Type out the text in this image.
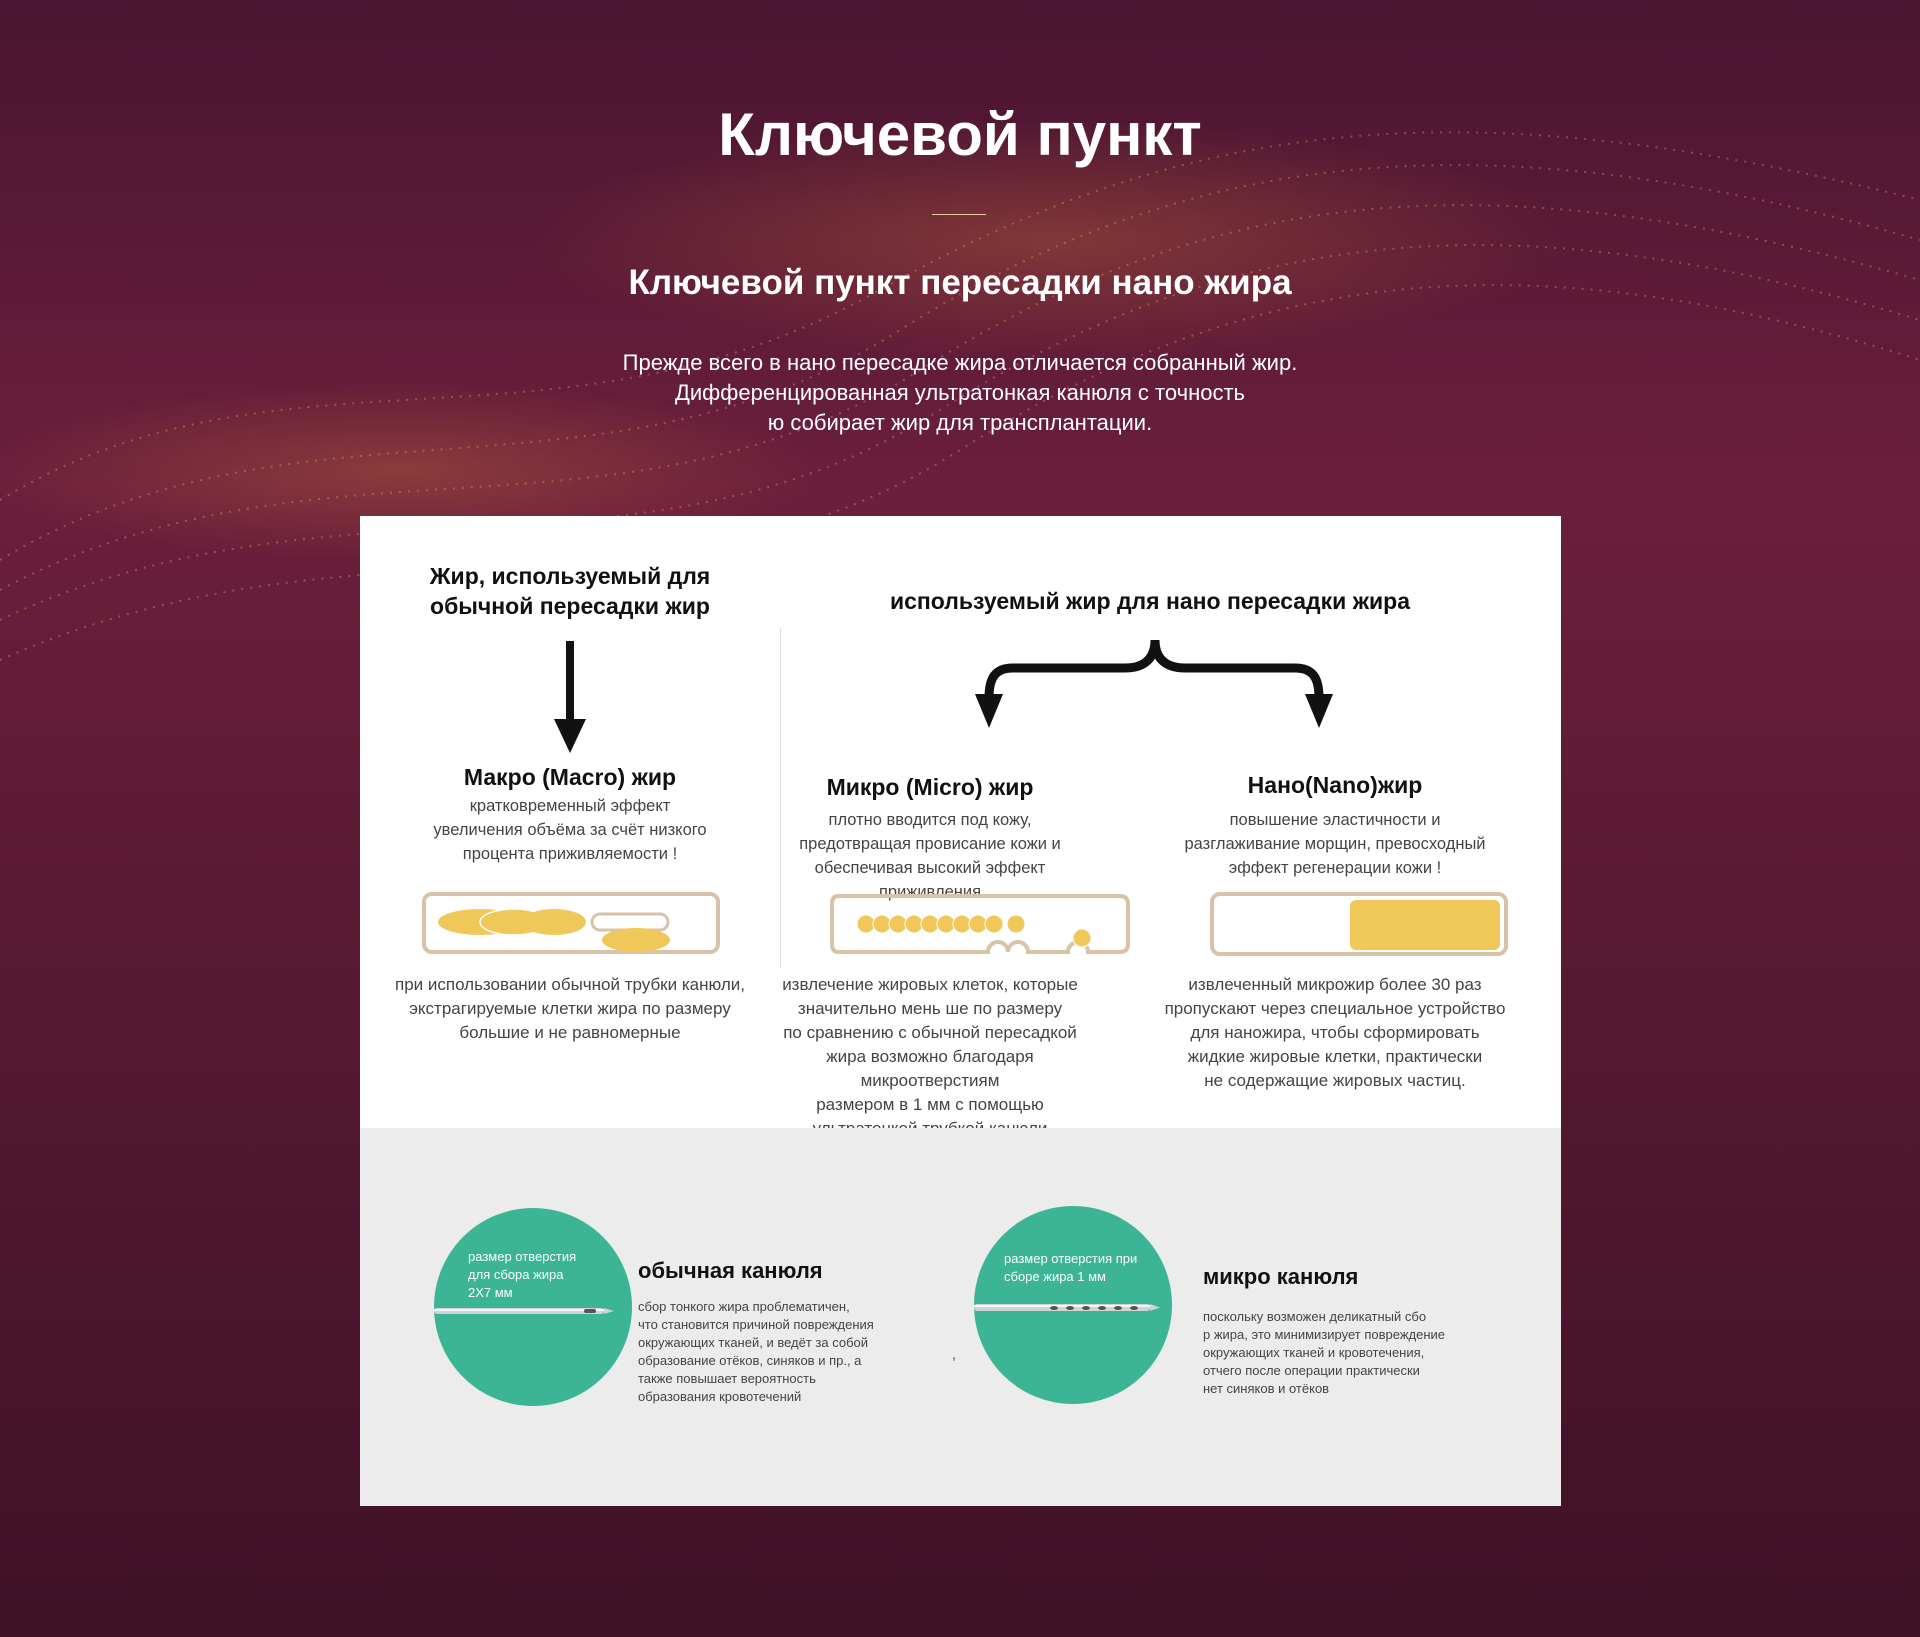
Ключевой пункт
Ключевой пункт пересадки нано жира
Прежде всего в нано пересадке жира отличается собранный жир.
Дифференцированная ультратонкая канюля с точность
ю собирает жир для трансплантации.
Жир, используемый для
обычной пересадки жир
Макро (Macro) жир
кратковременный эффект
увеличения объёма за счёт низкого
процента приживляемости !
при использовании обычной трубки канюли,
экстрагируемые клетки жира по размеру
большие и не равномерные
используемый жир для нано пересадки жира
Микро (Micro) жир
плотно вводится под кожу,
предотвращая провисание кожи и
обеспечивая высокий эффект приживления
извлечение жировых клеток, которые
значительно мень ше по размеру
по сравнению с обычной пересадкой
жира возможно благодаря микроотверстиям
размером в 1 мм с помощью
Нано(Nano)жир
повышение эластичности и
разглаживание морщин, превосходный
эффект регенерации кожи !
извлеченный микрожир более 30 раз
пропускают через специальное устройство
для наножира, чтобы сформировать
жидкие жировые клетки, практически
не содержащие жировых частиц.
размер отверстия
для сбора жира
2X7 мм
обычная канюля
сбор тонкого жира проблематичен,
что становится причиной повреждения
окружающих тканей, и ведёт за собой
образование отёков, синяков и пр., а
также повышает вероятность
образования кровотечений
,
размер отверстия при
сборе жира 1 мм	микро канюля
поскольку возможен деликатный сбо
р жира, это минимизирует повреждение
окружающих тканей и кровотечения,
отчего после операции практически
нет синяков и отёков
